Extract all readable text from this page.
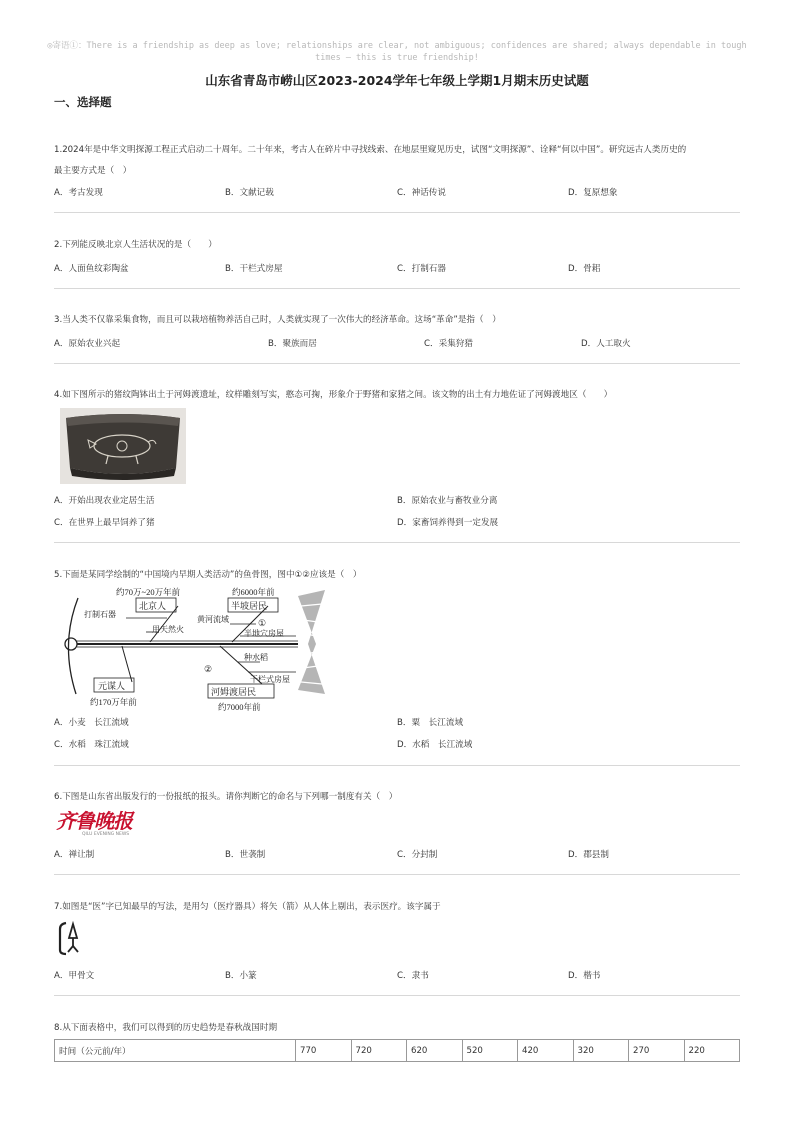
◎寄语①：There is a friendship as deep as love; relationships are clear, not ambiguous; confidences are shared; always dependable in tough times — this is true friendship!
山东省青岛市崂山区2023-2024学年七年级上学期1月期末历史试题
一、选择题
1.2024年是中华文明探源工程正式启动二十周年。二十年来，考古人在碎片中寻找线索、在地层里窥见历史，试图“文明探源”、诠释“何以中国”。研究远古人类历史的
最主要方式是（　）
A．考古发现	B．文献记载	C．神话传说	D．复原想象
2.下列能反映北京人生活状况的是（　　）
A．人面鱼纹彩陶盆	B．干栏式房屋	C．打制石器	D．骨耜
3.当人类不仅靠采集食物，而且可以栽培植物养活自己时，人类就实现了一次伟大的经济革命。这场“革命”是指（　）
A．原始农业兴起	B．聚族而居	C．采集狩猎	D．人工取火
4.如下图所示的猪纹陶钵出土于河姆渡遗址，纹样雕刻写实，憨态可掬，形象介于野猪和家猪之间。该文物的出土有力地佐证了河姆渡地区（　　）
A．开始出现农业定居生活	B．原始农业与畜牧业分离
C．在世界上最早饲养了猪	D．家畜饲养得到一定发展
5.下面是某同学绘制的“中国境内早期人类活动”的鱼骨图，图中①②应该是（　）
约70万~20万年前
北京人
打制石器
用天然火
约6000年前
半坡居民
黄河流域	①
半地穴房屋
②
种水稻
干栏式房屋
元谋人
约170万年前
河姆渡居民
约7000年前
A．小麦　长江流域	B．粟　长江流域
C．水稻　珠江流域	D．水稻　长江流域
6.下图是山东省出版发行的一份报纸的报头。请你判断它的命名与下列哪一制度有关（　）
齐鲁晚报
QILU EVENING NEWS
A．禅让制	B．世袭制	C．分封制	D．郡县制
7.如图是“医”字已知最早的写法，是用匀（医疗器具）将矢（箭）从人体上剔出，表示医疗。该字属于
A．甲骨文	B．小篆	C．隶书	D．楷书
8.从下面表格中，我们可以得到的历史趋势是春秋战国时期
时间（公元前/年）	770	720	620	520	420	320	270	220
